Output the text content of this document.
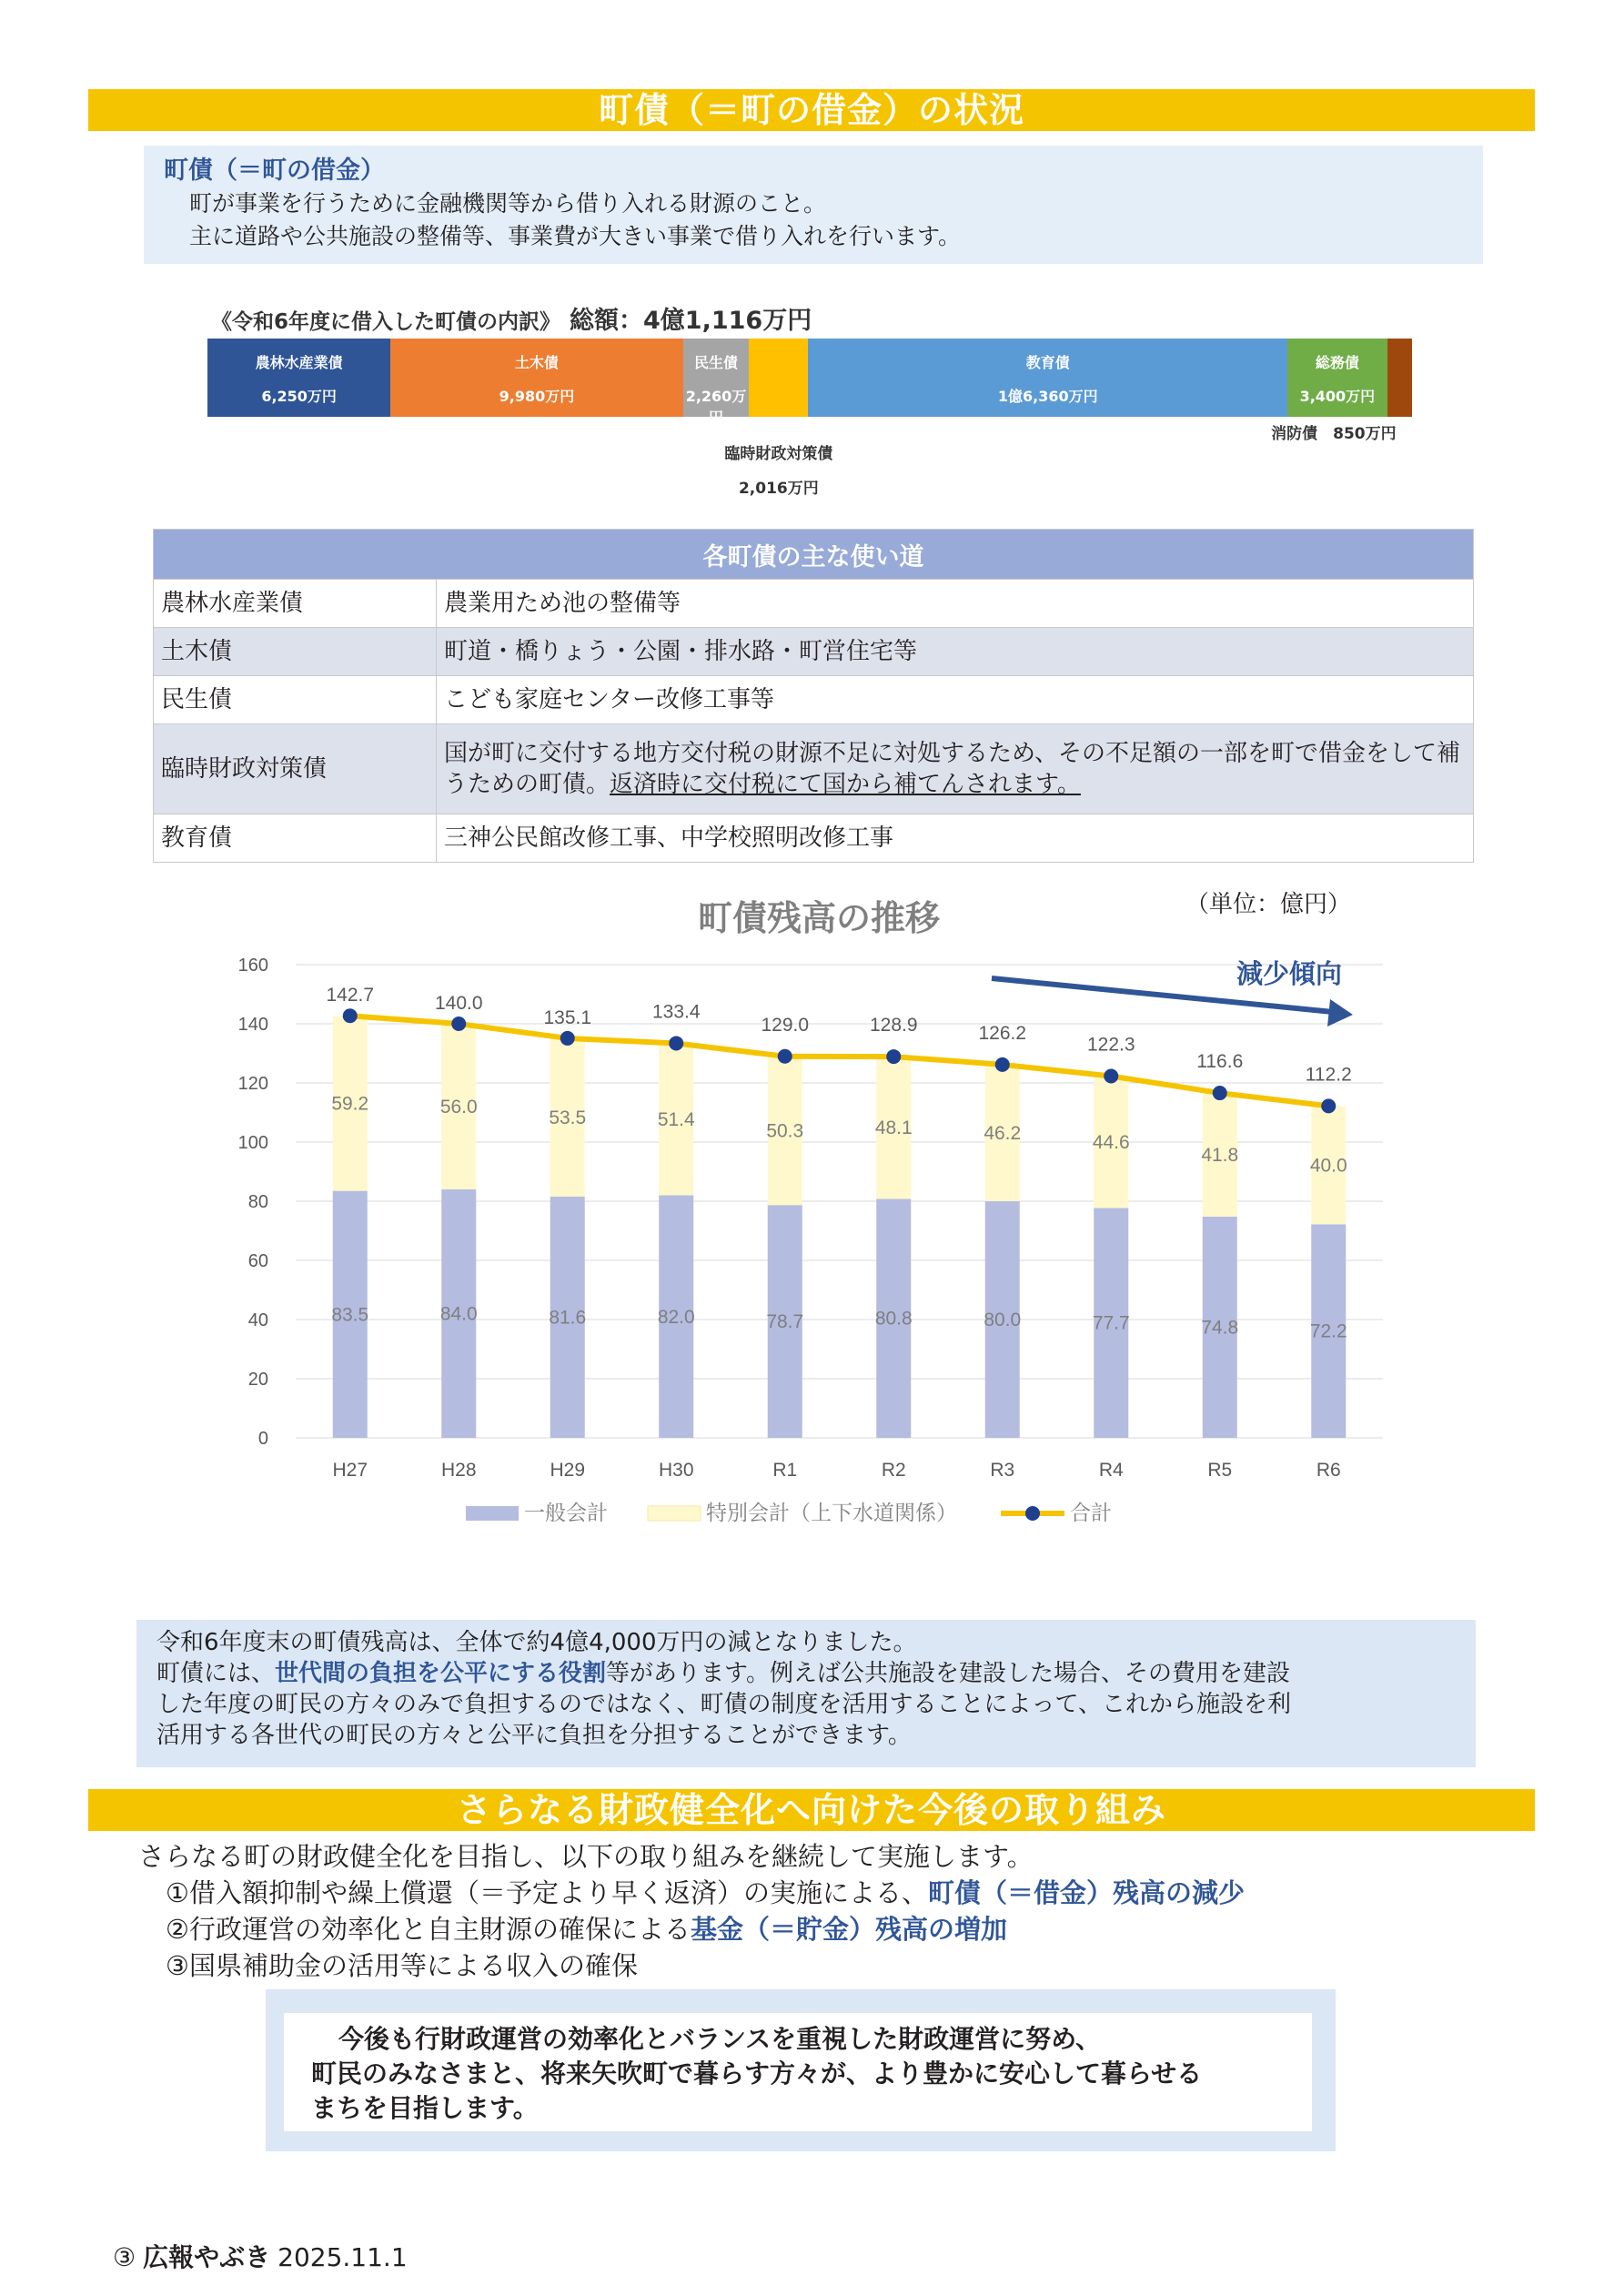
町債（＝町の借金）の状況
町債（＝町の借金）
町が事業を行うために金融機関等から借り入れる財源のこと。
主に道路や公共施設の整備等、事業費が大きい事業で借り入れを行います。
《令和6年度に借入した町債の内訳》 総額：4億1,116万円
農林水産業債
6,250万円
土木債
9,980万円
民生債
2,260万円
教育債
1億6,360万円
総務債
3,400万円
臨時財政対策債
2,016万円
消防債　850万円
各町債の主な使い道	
農林水産業債	農業用ため池の整備等
土木債	町道・橋りょう・公園・排水路・町営住宅等
民生債	こども家庭センター改修工事等
臨時財政対策債	国が町に交付する地方交付税の財源不足に対処するため、その不足額の一部を町で借金をして補うための町債。返済時に交付税にて国から補てんされます。
教育債	三神公民館改修工事、中学校照明改修工事
0
20
40
60
80
100
120
140
160
町債残高の推移	（単位：億円）
83.5
59.2
H27
84.0
56.0
H28
81.6
53.5
H29
82.0
51.4
H30
78.7
50.3
R1
80.8
48.1
R2
80.0
46.2
R3
77.7
44.6
R4
74.8
41.8
R5
72.2
40.0
R6
142.7	140.0
135.1	133.4
129.0	128.9	126.2
122.3
116.6
112.2
減少傾向
一般会計	特別会計（上下水道関係）	合計
令和6年度末の町債残高は、全体で約4億4,000万円の減となりました。
町債には、世代間の負担を公平にする役割等があります。例えば公共施設を建設した場合、その費用を建設
した年度の町民の方々のみで負担するのではなく、町債の制度を活用することによって、これから施設を利
活用する各世代の町民の方々と公平に負担を分担することができます。
さらなる財政健全化へ向けた今後の取り組み
さらなる町の財政健全化を目指し、以下の取り組みを継続して実施します。
①借入額抑制や繰上償還（＝予定より早く返済）の実施による、町債（＝借金）残高の減少
②行政運営の効率化と自主財源の確保による基金（＝貯金）残高の増加
③国県補助金の活用等による収入の確保
今後も行財政運営の効率化とバランスを重視した財政運営に努め、
町民のみなさまと、将来矢吹町で暮らす方々が、より豊かに安心して暮らせる
まちを目指します。
③ 広報やぶき 2025.11.1
